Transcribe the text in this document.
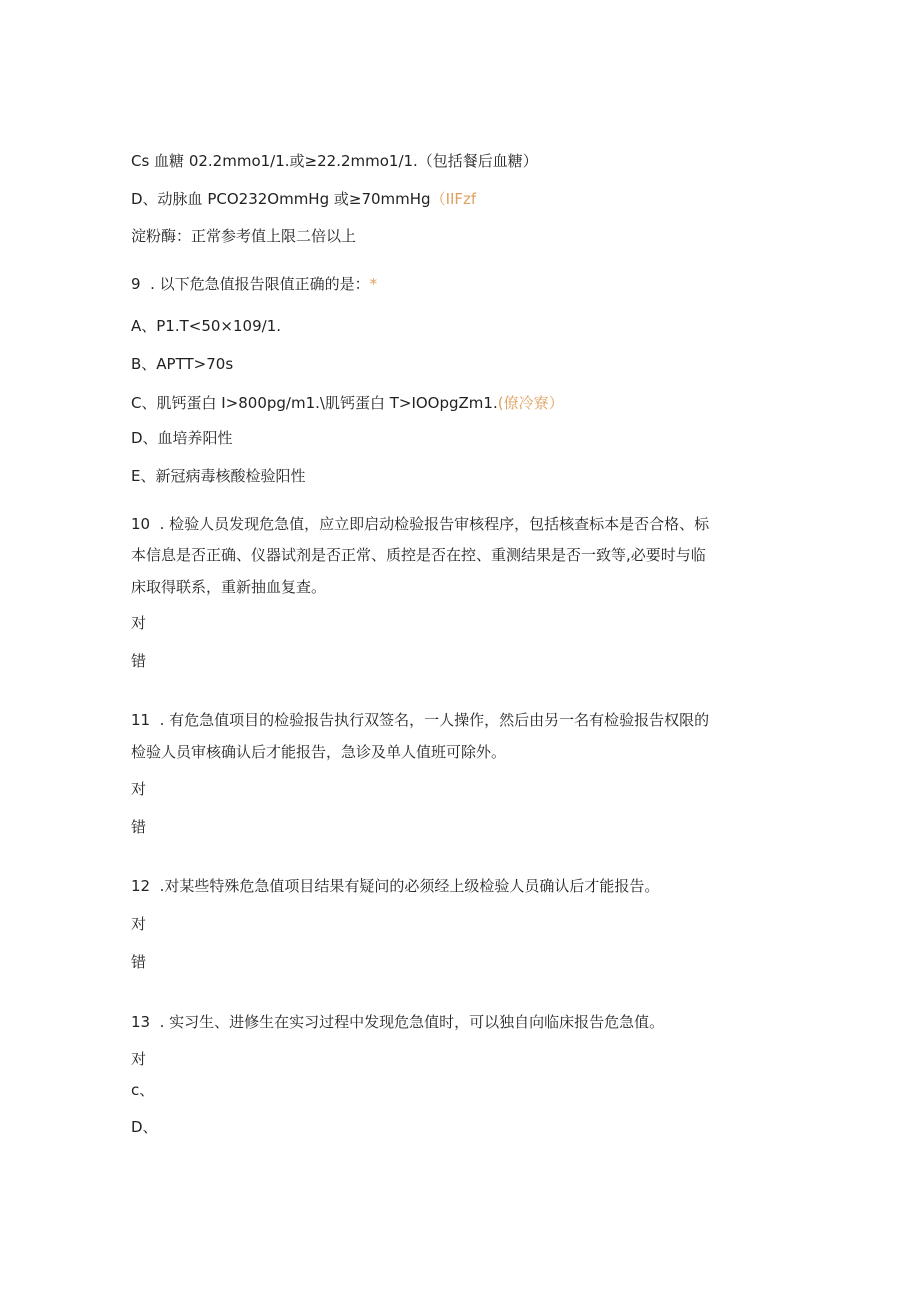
Cs 血糖 02.2mmo1∕1.或≥22.2mmo1∕1.（包括餐后血糖）
D、动脉血 PCO232OmmHg 或≥70mmHg（IIFzf
淀粉酶：正常参考值上限二倍以上
9  . 以下危急值报告限值正确的是：*
A、P1.T<50×109∕1.
B、APTT>70s
C、肌钙蛋白 I>800pg∕m1.\肌钙蛋白 T>IOOpgZm1.(僚冷寮）
D、血培养阳性
E、新冠病毒核酸检验阳性
10  . 检验人员发现危急值，应立即启动检验报告审核程序，包括核查标本是否合格、标
本信息是否正确、仪器试剂是否正常、质控是否在控、重测结果是否一致等,必要时与临
床取得联系，重新抽血复查。
对
错
11  . 有危急值项目的检验报告执行双签名，一人操作，然后由另一名有检验报告权限的
检验人员审核确认后才能报告，急诊及单人值班可除外。
对
错
12  .对某些特殊危急值项目结果有疑问的必须经上级检验人员确认后才能报告。
对
错
13  . 实习生、进修生在实习过程中发现危急值时，可以独自向临床报告危急值。
对
c、
D、
